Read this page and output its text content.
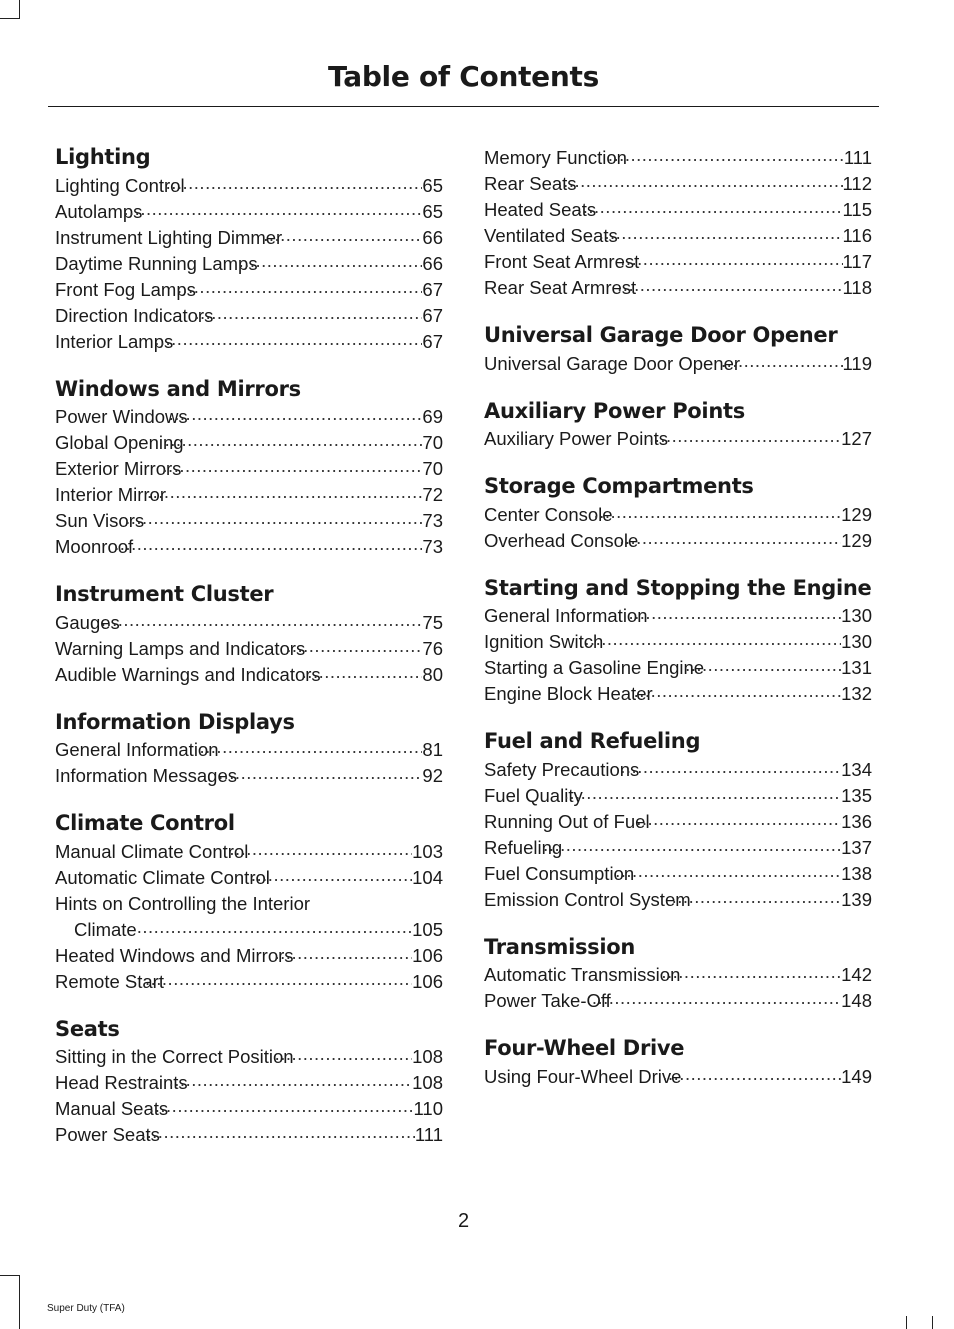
Table of Contents
Lighting
65
Lighting Control .....
65
Autolamps .....
66
Instrument Lighting Dimmer .....
66
Daytime Running Lamps .....
67
Front Fog Lamps .....
67
Direction Indicators .....
67
Interior Lamps .....
Windows and Mirrors
69
Power Windows .....
70
Global Opening .....
70
Exterior Mirrors .....
72
Interior Mirror .....
73
Sun Visors .....
73
Moonroof .....
Instrument Cluster
75
Gauges .....
76
Warning Lamps and Indicators .....
80
Audible Warnings and Indicators .....
Information Displays
81
General Information .....
92
Information Messages .....
Climate Control
103
Manual Climate Control .....
104
Automatic Climate Control .....
Hints on Controlling the Interior
105
Climate .....
106
Heated Windows and Mirrors .....
106
Remote Start .....
Seats
108
Sitting in the Correct Position .....
108
Head Restraints .....
110
Manual Seats .....
111
Power Seats .....
111
Memory Function .....
112
Rear Seats .....
115
Heated Seats .....
116
Ventilated Seats .....
117
Front Seat Armrest .....
118
Rear Seat Armrest .....
Universal Garage Door Opener
119
Universal Garage Door Opener .....
Auxiliary Power Points
127
Auxiliary Power Points .....
Storage Compartments
129
Center Console .....
129
Overhead Console .....
Starting and Stopping the Engine
130
General Information .....
130
Ignition Switch .....
131
Starting a Gasoline Engine .....
132
Engine Block Heater .....
Fuel and Refueling
134
Safety Precautions .....
135
Fuel Quality .....
136
Running Out of Fuel .....
137
Refueling .....
138
Fuel Consumption .....
139
Emission Control System .....
Transmission
142
Automatic Transmission .....
148
Power Take-Off .....
Four-Wheel Drive
149
Using Four-Wheel Drive .....
2
Super Duty (TFA)
